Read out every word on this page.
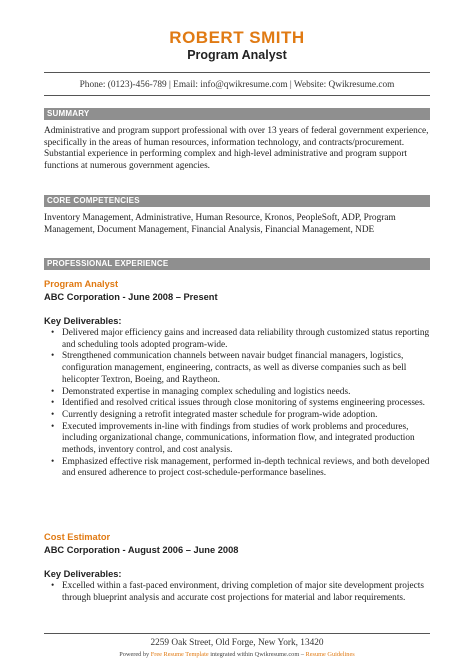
ROBERT SMITH
Program Analyst
Phone: (0123)-456-789 | Email: info@qwikresume.com | Website: Qwikresume.com
SUMMARY
Administrative and program support professional with over 13 years of federal government experience, specifically in the areas of human resources, information technology, and contracts/procurement. Substantial experience in performing complex and high-level administrative and program support functions at numerous government agencies.
CORE COMPETENCIES
Inventory Management, Administrative, Human Resource, Kronos, PeopleSoft, ADP, Program Management, Document Management, Financial Analysis, Financial Management, NDE
PROFESSIONAL EXPERIENCE
Program Analyst
ABC Corporation - June 2008 – Present
Key Deliverables:
• Delivered major efficiency gains and increased data reliability through customized status reporting and scheduling tools adopted program-wide.
• Strengthened communication channels between navair budget financial managers, logistics, configuration management, engineering, contracts, as well as diverse companies such as bell helicopter Textron, Boeing, and Raytheon.
• Demonstrated expertise in managing complex scheduling and logistics needs.
• Identified and resolved critical issues through close monitoring of systems engineering processes.
• Currently designing a retrofit integrated master schedule for program-wide adoption.
• Executed improvements in-line with findings from studies of work problems and procedures, including organizational change, communications, information flow, and integrated production methods, inventory control, and cost analysis.
• Emphasized effective risk management, performed in-depth technical reviews, and both developed and ensured adherence to project cost-schedule-performance baselines.
Cost Estimator
ABC Corporation - August 2006 – June 2008
Key Deliverables:
• Excelled within a fast-paced environment, driving completion of major site development projects through blueprint analysis and accurate cost projections for material and labor requirements.
2259 Oak Street, Old Forge, New York, 13420
Powered by Free Resume Template integrated within Qwikresume.com – Resume Guidelines
